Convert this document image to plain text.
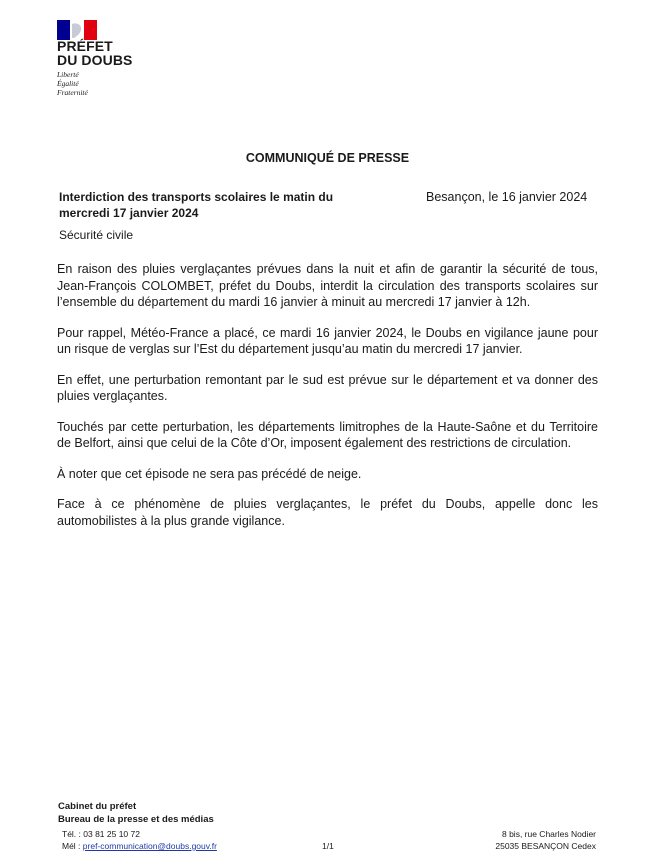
PRÉFET
DU DOUBS
Liberté
Égalité
Fraternité
COMMUNIQUÉ DE PRESSE
Interdiction des transports scolaires le matin du mercredi 17 janvier 2024
Besançon, le 16 janvier 2024
Sécurité civile

En raison des pluies verglaçantes prévues dans la nuit et afin de garantir la sécurité de tous, Jean-François COLOMBET, préfet du Doubs, interdit la circulation des transports scolaires sur l’ensemble du département du mardi 16 janvier à minuit au mercredi 17 janvier à 12h.

Pour rappel, Météo-France a placé, ce mardi 16 janvier 2024, le Doubs en vigilance jaune pour un risque de verglas sur l’Est du département jusqu’au matin du mercredi 17 janvier.

En effet, une perturbation remontant par le sud est prévue sur le département et va donner des pluies verglaçantes.

Touchés par cette perturbation, les départements limitrophes de la Haute-Saône et du Territoire de Belfort, ainsi que celui de la Côte d’Or, imposent également des restrictions de circulation.

À noter que cet épisode ne sera pas précédé de neige.

Face à ce phénomène de pluies verglaçantes, le préfet du Doubs, appelle donc les automobilistes à la plus grande vigilance.

Cabinet du préfet
Bureau de la presse et des médias
Tél. : 03 81 25 10 72
Mél : pref-communication@doubs.gouv.fr	1/1
8 bis, rue Charles Nodier
25035 BESANÇON Cedex
